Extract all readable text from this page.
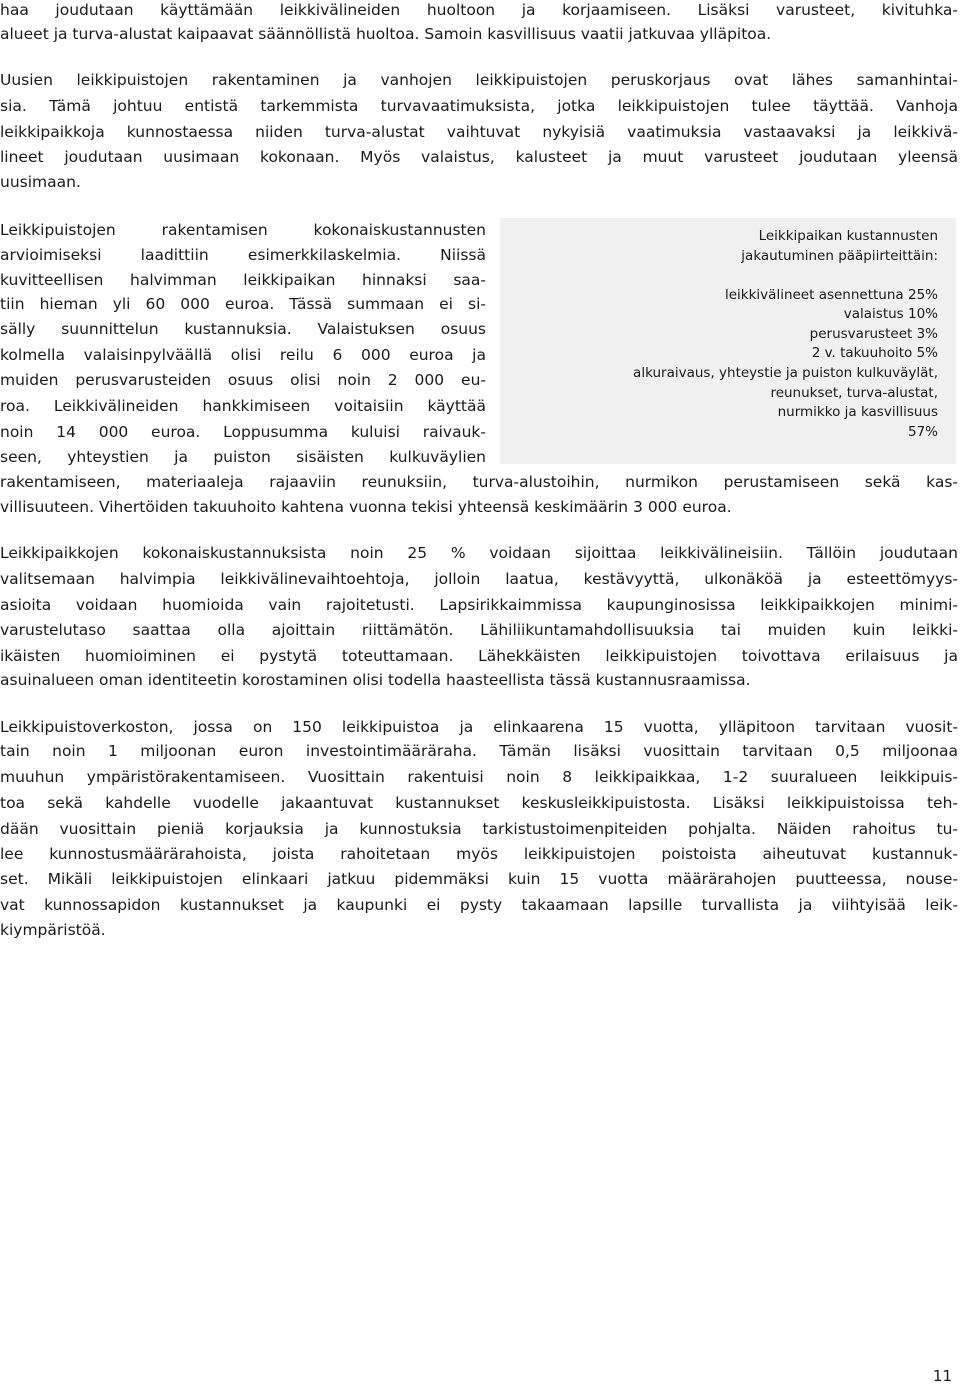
haa joudutaan käyttämään leikkivälineiden huoltoon ja korjaamiseen. Lisäksi varusteet, kivituhka-
alueet ja turva-alustat kaipaavat säännöllistä huoltoa. Samoin kasvillisuus vaatii jatkuvaa ylläpitoa.
Uusien leikkipuistojen rakentaminen ja vanhojen leikkipuistojen peruskorjaus ovat lähes samanhintai-
sia. Tämä johtuu entistä tarkemmista turvavaatimuksista, jotka leikkipuistojen tulee täyttää. Vanhoja
leikkipaikkoja kunnostaessa niiden turva-alustat vaihtuvat nykyisiä vaatimuksia vastaavaksi ja leikkivä-
lineet joudutaan uusimaan kokonaan. Myös valaistus, kalusteet ja muut varusteet joudutaan yleensä
uusimaan.
Leikkipuistojen rakentamisen kokonaiskustannusten
arvioimiseksi laadittiin esimerkkilaskelmia. Niissä
kuvitteellisen halvimman leikkipaikan hinnaksi saa-
tiin hieman yli 60 000 euroa. Tässä summaan ei si-
sälly suunnittelun kustannuksia. Valaistuksen osuus
kolmella valaisinpylväällä olisi reilu 6 000 euroa ja
muiden perusvarusteiden osuus olisi noin 2 000 eu-
roa. Leikkivälineiden hankkimiseen voitaisiin käyttää
noin 14 000 euroa. Loppusumma kuluisi raivauk-
seen, yhteystien ja puiston sisäisten kulkuväylien
rakentamiseen, materiaaleja rajaaviin reunuksiin, turva-alustoihin, nurmikon perustamiseen sekä kas-
villisuuteen. Vihertöiden takuuhoito kahtena vuonna tekisi yhteensä keskimäärin 3 000 euroa.
Leikkipaikan kustannusten
jakautuminen pääpiirteittäin:
leikkivälineet asennettuna 25%
valaistus 10%
perusvarusteet 3%
2 v. takuuhoito 5%
alkuraivaus, yhteystie ja puiston kulkuväylät,
reunukset, turva-alustat,
nurmikko ja kasvillisuus
57%
Leikkipaikkojen kokonaiskustannuksista noin 25 % voidaan sijoittaa leikkivälineisiin. Tällöin joudutaan
valitsemaan halvimpia leikkivälinevaihtoehtoja, jolloin laatua, kestävyyttä, ulkonäköä ja esteettömyys-
asioita voidaan huomioida vain rajoitetusti. Lapsirikkaimmissa kaupunginosissa leikkipaikkojen minimi-
varustelutaso saattaa olla ajoittain riittämätön. Lähiliikuntamahdollisuuksia tai muiden kuin leikki-
ikäisten huomioiminen ei pystytä toteuttamaan. Lähekkäisten leikkipuistojen toivottava erilaisuus ja
asuinalueen oman identiteetin korostaminen olisi todella haasteellista tässä kustannusraamissa.
Leikkipuistoverkoston, jossa on 150 leikkipuistoa ja elinkaarena 15 vuotta, ylläpitoon tarvitaan vuosit-
tain noin 1 miljoonan euron investointimääräraha. Tämän lisäksi vuosittain tarvitaan 0,5 miljoonaa
muuhun ympäristörakentamiseen. Vuosittain rakentuisi noin 8 leikkipaikkaa, 1-2 suuralueen leikkipuis-
toa sekä kahdelle vuodelle jakaantuvat kustannukset keskusleikkipuistosta. Lisäksi leikkipuistoissa teh-
dään vuosittain pieniä korjauksia ja kunnostuksia tarkistustoimenpiteiden pohjalta. Näiden rahoitus tu-
lee kunnostusmäärärahoista, joista rahoitetaan myös leikkipuistojen poistoista aiheutuvat kustannuk-
set. Mikäli leikkipuistojen elinkaari jatkuu pidemmäksi kuin 15 vuotta määrärahojen puutteessa, nouse-
vat kunnossapidon kustannukset ja kaupunki ei pysty takaamaan lapsille turvallista ja viihtyisää leik-
kiympäristöä.
11
